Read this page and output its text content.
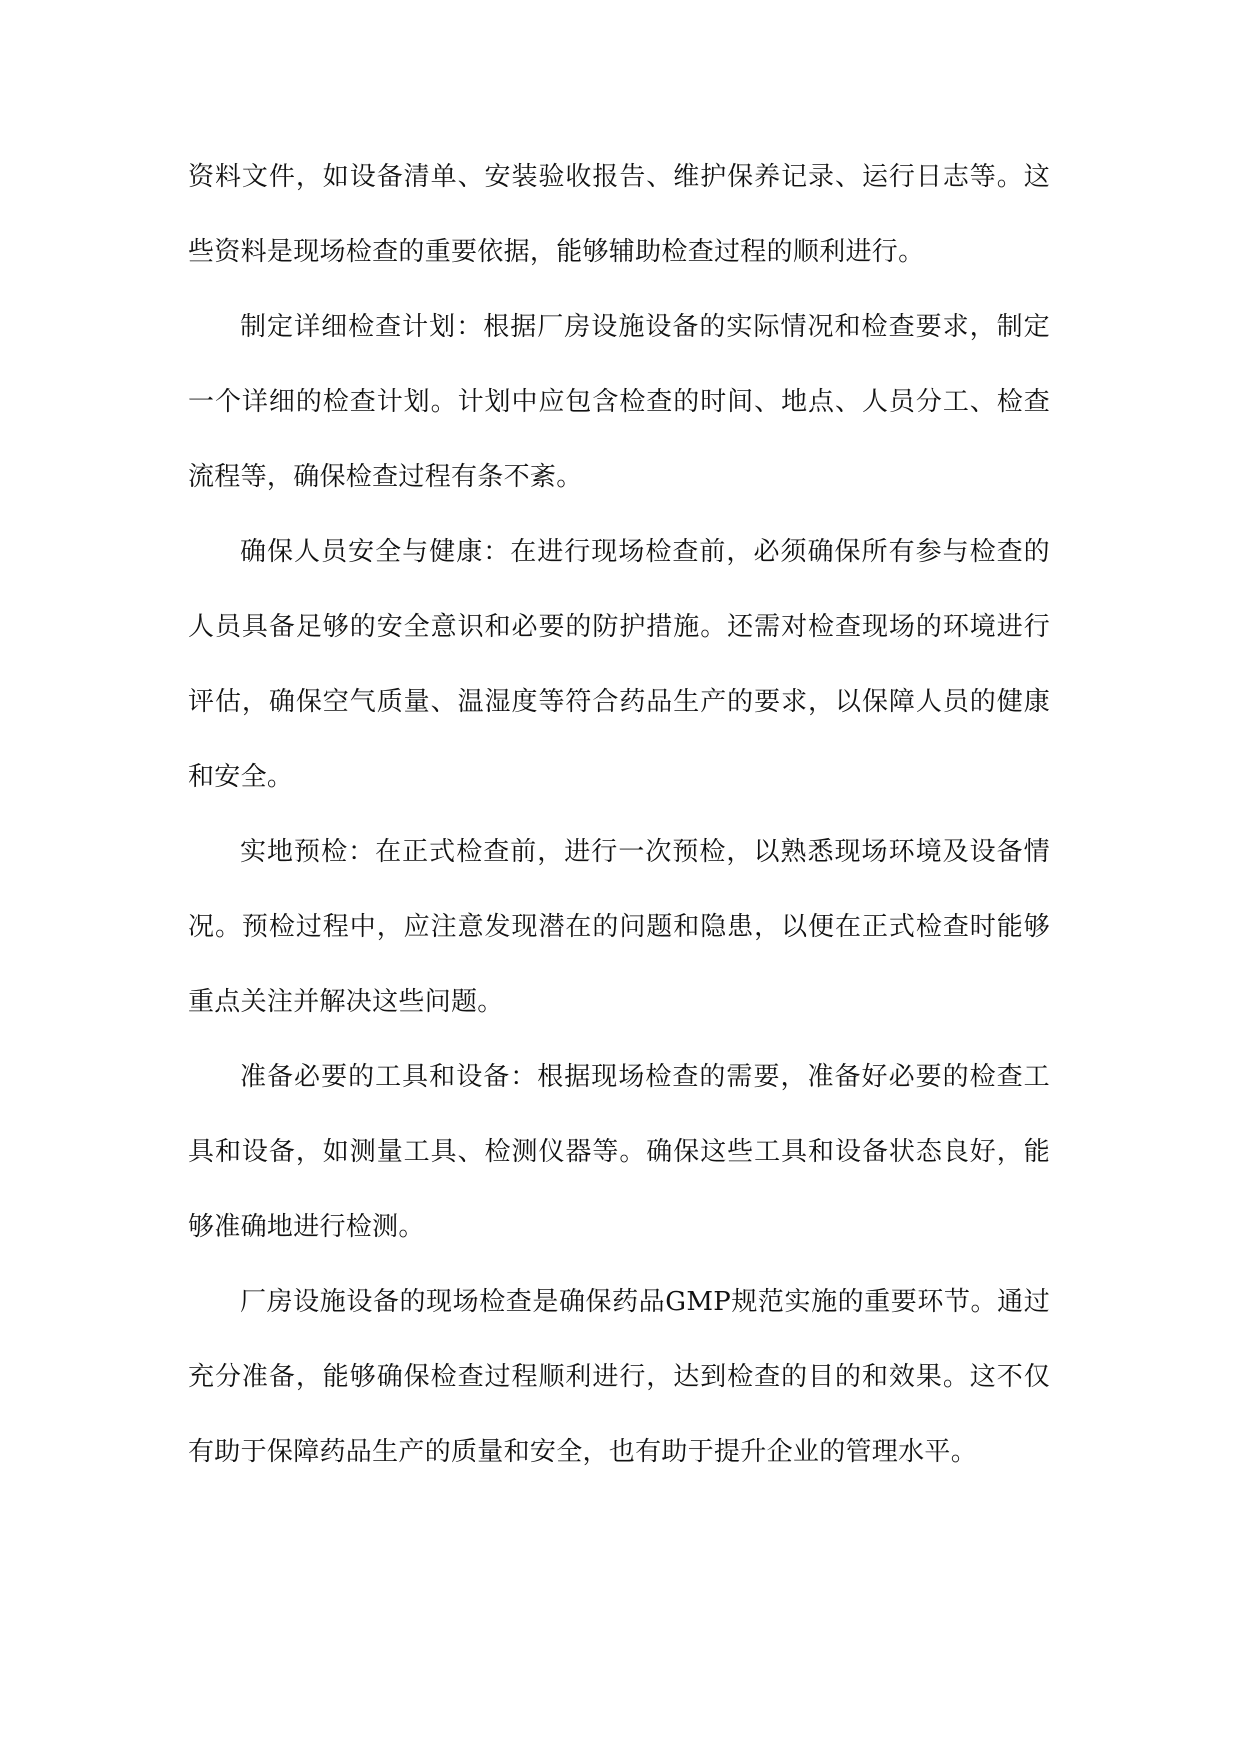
资料文件，如设备清单、安装验收报告、维护保养记录、运行日志等。这些资料是现场检查的重要依据，能够辅助检查过程的顺利进行。

制定详细检查计划：根据厂房设施设备的实际情况和检查要求，制定一个详细的检查计划。计划中应包含检查的时间、地点、人员分工、检查流程等，确保检查过程有条不紊。

确保人员安全与健康：在进行现场检查前，必须确保所有参与检查的人员具备足够的安全意识和必要的防护措施。还需对检查现场的环境进行评估，确保空气质量、温湿度等符合药品生产的要求，以保障人员的健康和安全。

实地预检：在正式检查前，进行一次预检，以熟悉现场环境及设备情况。预检过程中，应注意发现潜在的问题和隐患，以便在正式检查时能够重点关注并解决这些问题。

准备必要的工具和设备：根据现场检查的需要，准备好必要的检查工具和设备，如测量工具、检测仪器等。确保这些工具和设备状态良好，能够准确地进行检测。

厂房设施设备的现场检查是确保药品GMP规范实施的重要环节。通过充分准备，能够确保检查过程顺利进行，达到检查的目的和效果。这不仅有助于保障药品生产的质量和安全，也有助于提升企业的管理水平。
